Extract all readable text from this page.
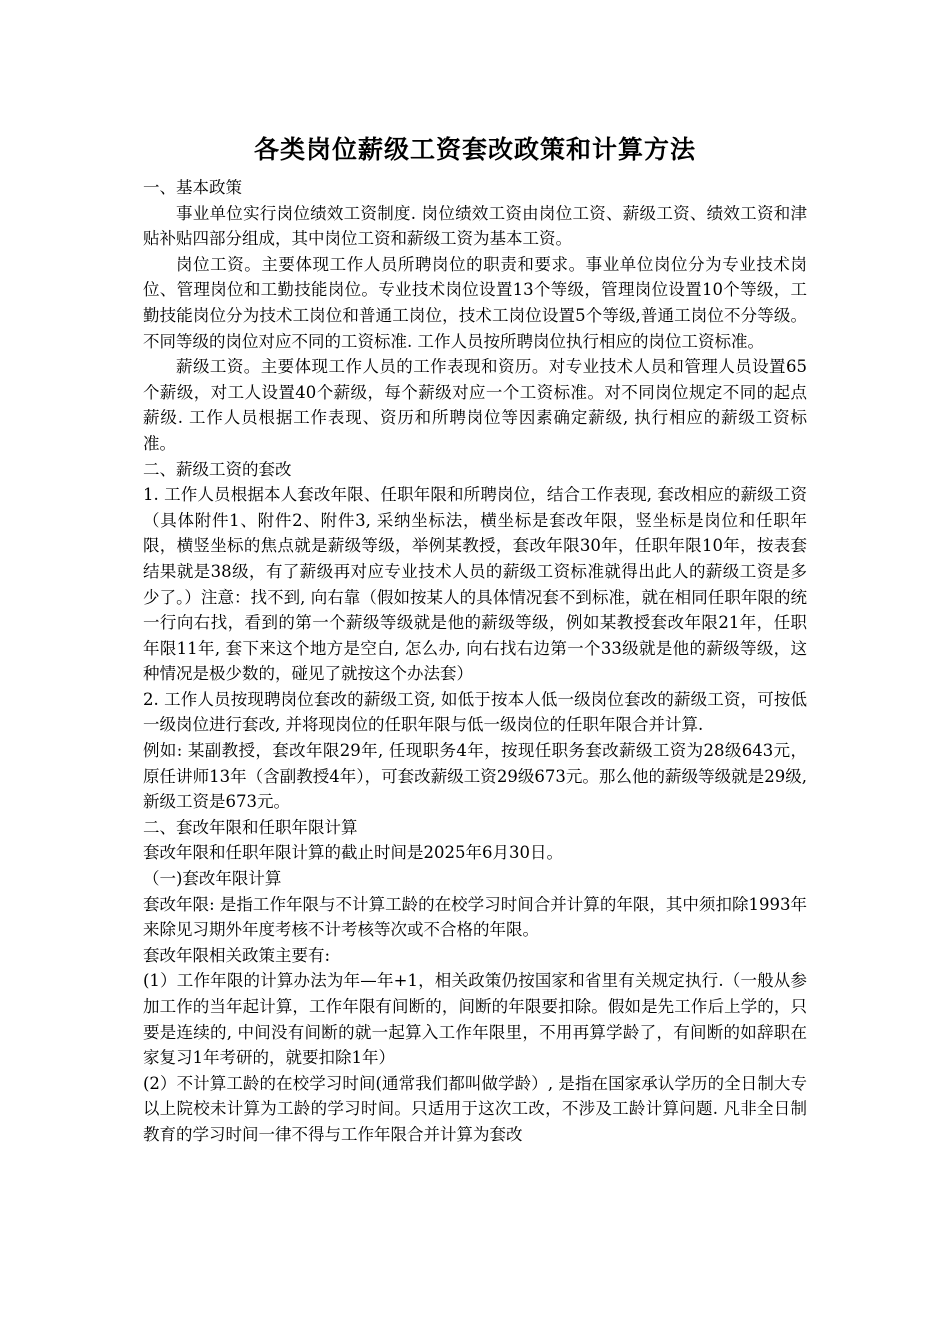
各类岗位薪级工资套改政策和计算方法
一、基本政策
事业单位实行岗位绩效工资制度. 岗位绩效工资由岗位工资、薪级工资、绩效工资和津贴补贴四部分组成，其中岗位工资和薪级工资为基本工资。
岗位工资。主要体现工作人员所聘岗位的职责和要求。事业单位岗位分为专业技术岗位、管理岗位和工勤技能岗位。专业技术岗位设置13个等级，管理岗位设置10个等级，工勤技能岗位分为技术工岗位和普通工岗位，技术工岗位设置5个等级,普通工岗位不分等级。不同等级的岗位对应不同的工资标准. 工作人员按所聘岗位执行相应的岗位工资标准。
薪级工资。主要体现工作人员的工作表现和资历。对专业技术人员和管理人员设置65个薪级，对工人设置40个薪级，每个薪级对应一个工资标准。对不同岗位规定不同的起点薪级. 工作人员根据工作表现、资历和所聘岗位等因素确定薪级, 执行相应的薪级工资标准。
二、薪级工资的套改
1. 工作人员根据本人套改年限、任职年限和所聘岗位，结合工作表现, 套改相应的薪级工资（具体附件1、附件2、附件3, 采纳坐标法，横坐标是套改年限，竖坐标是岗位和任职年限，横竖坐标的焦点就是薪级等级，举例某教授，套改年限30年，任职年限10年，按表套结果就是38级，有了薪级再对应专业技术人员的薪级工资标准就得出此人的薪级工资是多少了。）注意：找不到, 向右靠（假如按某人的具体情况套不到标准，就在相同任职年限的统一行向右找，看到的第一个薪级等级就是他的薪级等级，例如某教授套改年限21年，任职年限11年, 套下来这个地方是空白, 怎么办, 向右找右边第一个33级就是他的薪级等级，这种情况是极少数的，碰见了就按这个办法套）
2. 工作人员按现聘岗位套改的薪级工资, 如低于按本人低一级岗位套改的薪级工资，可按低一级岗位进行套改, 并将现岗位的任职年限与低一级岗位的任职年限合并计算.
例如: 某副教授，套改年限29年, 任现职务4年，按现任职务套改薪级工资为28级643元，原任讲师13年（含副教授4年），可套改薪级工资29级673元。那么他的薪级等级就是29级, 新级工资是673元。
二、套改年限和任职年限计算
套改年限和任职年限计算的截止时间是2025年6月30日。
（一)套改年限计算
套改年限: 是指工作年限与不计算工龄的在校学习时间合并计算的年限，其中须扣除1993年来除见习期外年度考核不计考核等次或不合格的年限。
套改年限相关政策主要有:
(1）工作年限的计算办法为年—年+1，相关政策仍按国家和省里有关规定执行.（一般从参加工作的当年起计算，工作年限有间断的，间断的年限要扣除。假如是先工作后上学的，只要是连续的, 中间没有间断的就一起算入工作年限里，不用再算学龄了，有间断的如辞职在家复习1年考研的，就要扣除1年）
(2）不计算工龄的在校学习时间(通常我们都叫做学龄）, 是指在国家承认学历的全日制大专以上院校未计算为工龄的学习时间。只适用于这次工改，不涉及工龄计算问题. 凡非全日制教育的学习时间一律不得与工作年限合并计算为套改
